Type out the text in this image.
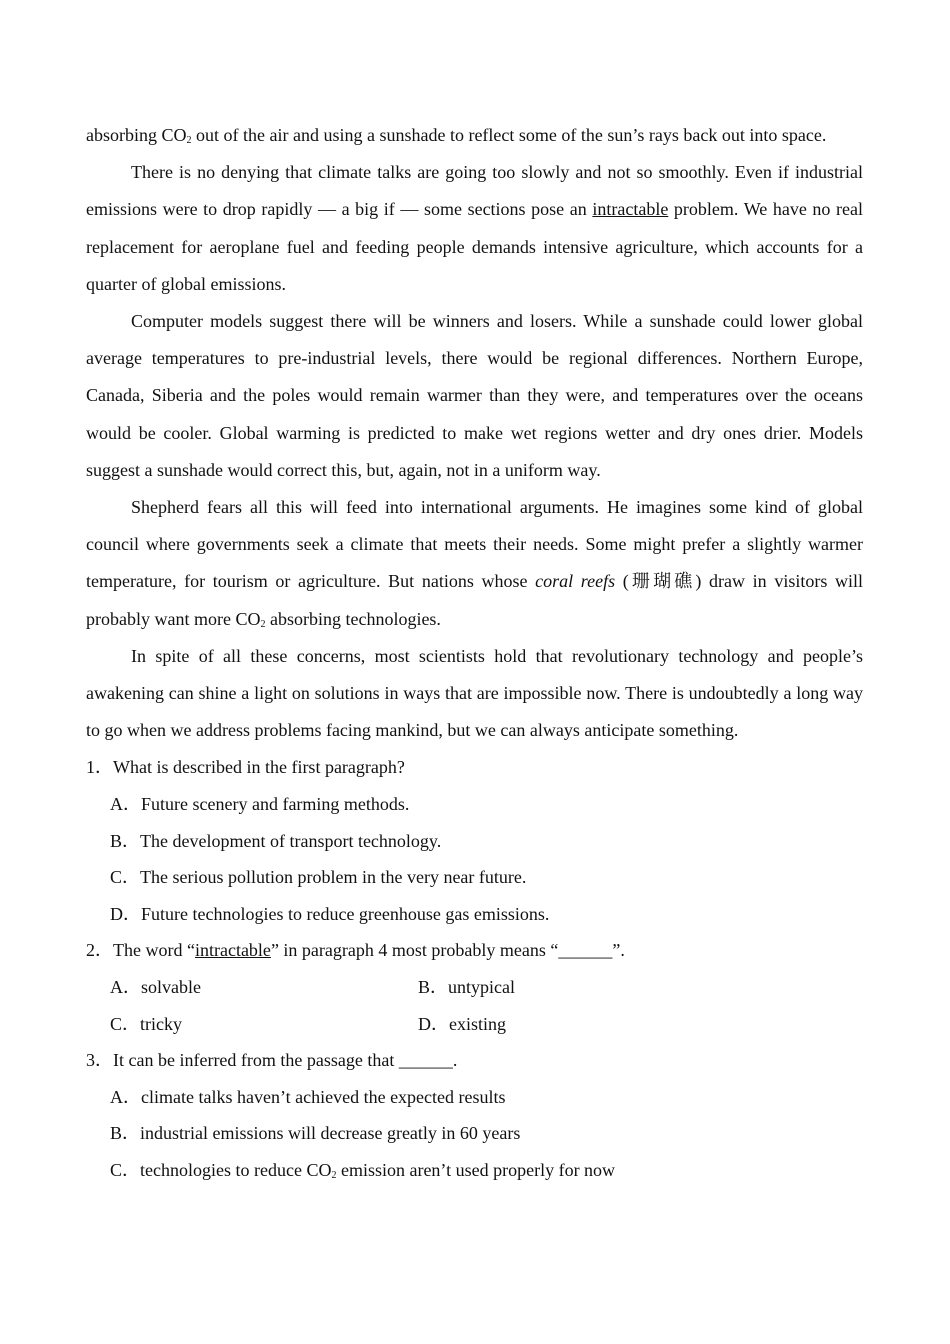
absorbing $CO_2$ out of the air and using a sunshade to reflect some of the sun’s rays back out into space.

There is no denying that climate talks are going too slowly and not so smoothly. Even if industrial emissions were to drop rapidly — a big if — some sections pose an intractable problem. We have no real replacement for aeroplane fuel and feeding people demands intensive agriculture, which accounts for a quarter of global emissions.

Computer models suggest there will be winners and losers. While a sunshade could lower global average temperatures to pre-industrial levels, there would be regional differences. Northern Europe, Canada, Siberia and the poles would remain warmer than they were, and temperatures over the oceans would be cooler. Global warming is predicted to make wet regions wetter and dry ones drier. Models suggest a sunshade would correct this, but, again, not in a uniform way.

Shepherd fears all this will feed into international arguments. He imagines some kind of global council where governments seek a climate that meets their needs. Some might prefer a slightly warmer temperature, for tourism or agriculture. But nations whose coral reefs (珊瑚礁) draw in visitors will probably want more $CO_2$ absorbing technologies.

In spite of all these concerns, most scientists hold that revolutionary technology and people’s awakening can shine a light on solutions in ways that are impossible now. There is undoubtedly a long way to go when we address problems facing mankind, but we can always anticipate something.

1．What is described in the first paragraph?

A．Future scenery and farming methods.

B．The development of transport technology.

C．The serious pollution problem in the very near future.

D．Future technologies to reduce greenhouse gas emissions.

2．The word “intractable” in paragraph 4 most probably means “______”.

A．solvable	B．untypical
C．tricky	D．existing

3．It can be inferred from the passage that ______.

A．climate talks haven’t achieved the expected results

B．industrial emissions will decrease greatly in 60 years

C．technologies to reduce $CO_2$ emission aren’t used properly for now
